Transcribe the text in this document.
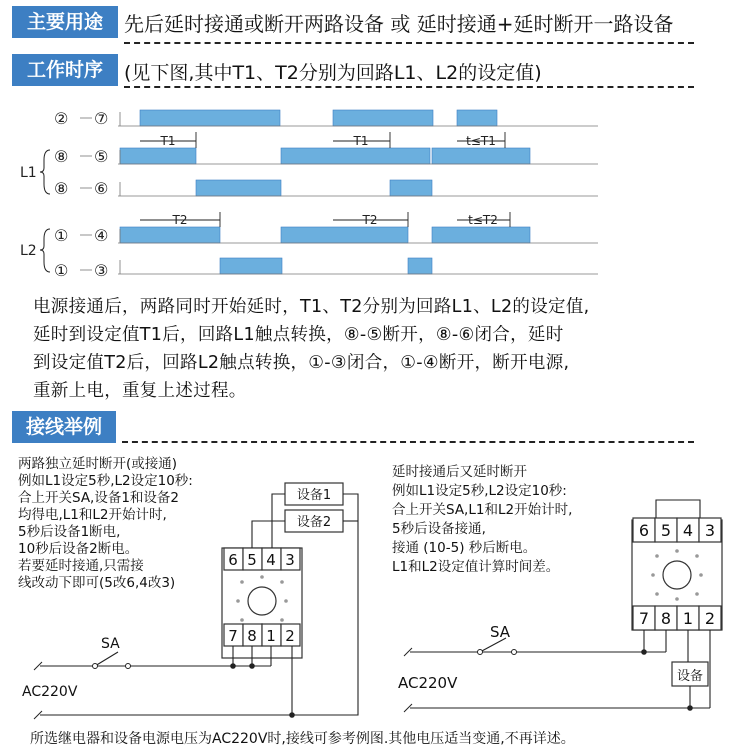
主要用途	先后延时接通或断开两路设备 或 延时接通+延时断开一路设备
工作时序	(见下图,其中T1、T2分别为回路L1、L2的设定值)
② ⑦
⑧ ⑤
⑧ ⑥
① ④
① ③
L1
L2
T1	T1	t≤T1
T2	T2	t≤T2
电源接通后，两路同时开始延时，T1、T2分别为回路L1、L2的设定值,
延时到设定值T1后，回路L1触点转换，⑧-⑤断开，⑧-⑥闭合，延时
到设定值T2后，回路L2触点转换，①-③闭合，①-④断开，断开电源,
重新上电，重复上述过程。
接线举例
两路独立延时断开(或接通)
例如L1设定5秒,L2设定10秒:
合上开关SA,设备1和设备2
均得电,L1和L2开始计时,
5秒后设备1断电,
10秒后设备2断电。
若要延时接通,只需接
线改动下即可(5改6,4改3)
延时接通后又延时断开
例如L1设定5秒,L2设定10秒:
合上开关SA,L1和L2开始计时,
5秒后设备接通,
接通 (10-5) 秒后断电。
L1和L2设定值计算时间差。
6 5 4 3
7 8 1 2
设备1
设备2
SA
AC220V
6 5 4 3
7 8 1 2
设备
SA
AC220V
所选继电器和设备电源电压为AC220V时,接线可参考例图.其他电压适当变通,不再详述。
